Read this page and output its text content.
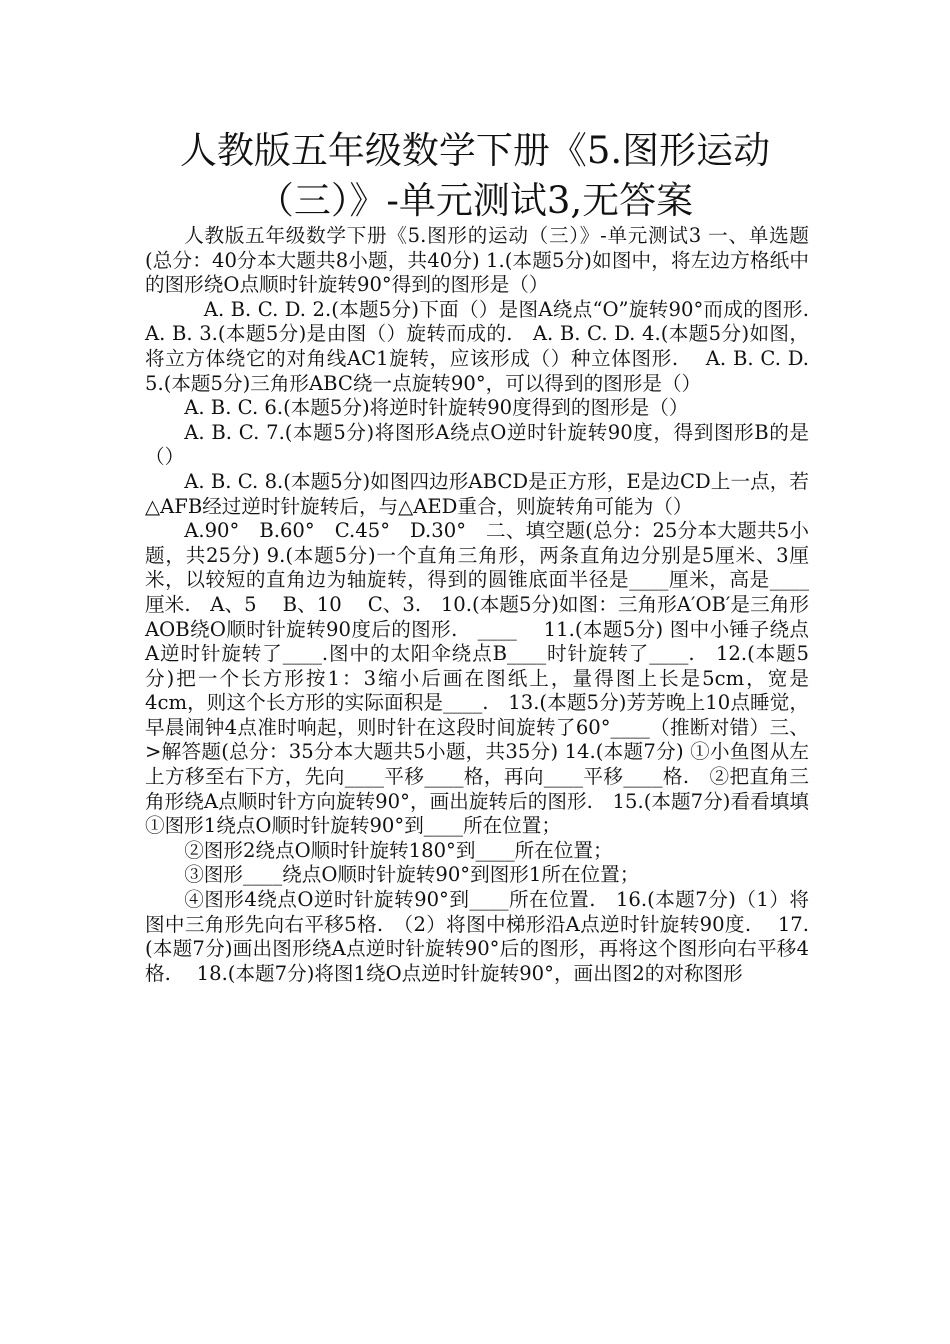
人教版五年级数学下册《5.图形运动
（三）》-单元测试3,无答案

人教版五年级数学下册《5.图形的运动（三）》-单元测试3 一、单选题(总分：40分本大题共8小题，共40分) 1.(本题5分)如图中，将左边方格纸中的图形绕O点顺时针旋转90°得到的图形是（）

A. B. C. D. 2.(本题5分)下面（）是图A绕点“O”旋转90°而成的图形.　 A. B. 3.(本题5分)是由图（）旋转而成的.　A. B. C. D. 4.(本题5分)如图，将立方体绕它的对角线AC1旋转，应该形成（）种立体图形.　 A. B. C. D. 5.(本题5分)三角形ABC绕一点旋转90°，可以得到的图形是（）

A. B. C. 6.(本题5分)将逆时针旋转90度得到的图形是（）

A. B. C. 7.(本题5分)将图形A绕点O逆时针旋转90度，得到图形B的是（）

A. B. C. 8.(本题5分)如图四边形ABCD是正方形，E是边CD上一点，若△AFB经过逆时针旋转后，与△AED重合，则旋转角可能为（）

A.90°　B.60°　C.45°　D.30°　二、填空题(总分：25分本大题共5小题，共25分) 9.(本题5分)一个直角三角形，两条直角边分别是5厘米、3厘米，以较短的直角边为轴旋转，得到的圆锥底面半径是____厘米，高是____厘米.　A、5　 B、10　 C、3.　10.(本题5分)如图：三角形A′OB′是三角形AOB绕O顺时针旋转90度后的图形.　____　 11.(本题5分) 图中小锤子绕点A逆时针旋转了____.图中的太阳伞绕点B____时针旋转了____.　12.(本题5分)把一个长方形按1：3缩小后画在图纸上，量得图上长是5cm，宽是4cm，则这个长方形的实际面积是____.　13.(本题5分)芳芳晚上10点睡觉，早晨闹钟4点准时响起，则时针在这段时间旋转了60°____（推断对错）三、>解答题(总分：35分本大题共5小题，共35分) 14.(本题7分) ①小鱼图从左上方移至右下方，先向____平移____格，再向____平移____格.　②把直角三角形绕A点顺时针方向旋转90°，画出旋转后的图形.　15.(本题7分)看看填填 ①图形1绕点O顺时针旋转90°到____所在位置；

②图形2绕点O顺时针旋转180°到____所在位置；

③图形____绕点O顺时针旋转90°到图形1所在位置；

④图形4绕点O逆时针旋转90°到____所在位置.　16.(本题7分)（1）将图中三角形先向右平移5格.　（2）将图中梯形沿A点逆时针旋转90度.　 17.(本题7分)画出图形绕A点逆时针旋转90°后的图形，再将这个图形向右平移4格.　 18.(本题7分)将图1绕O点逆时针旋转90°，画出图2的对称图形
